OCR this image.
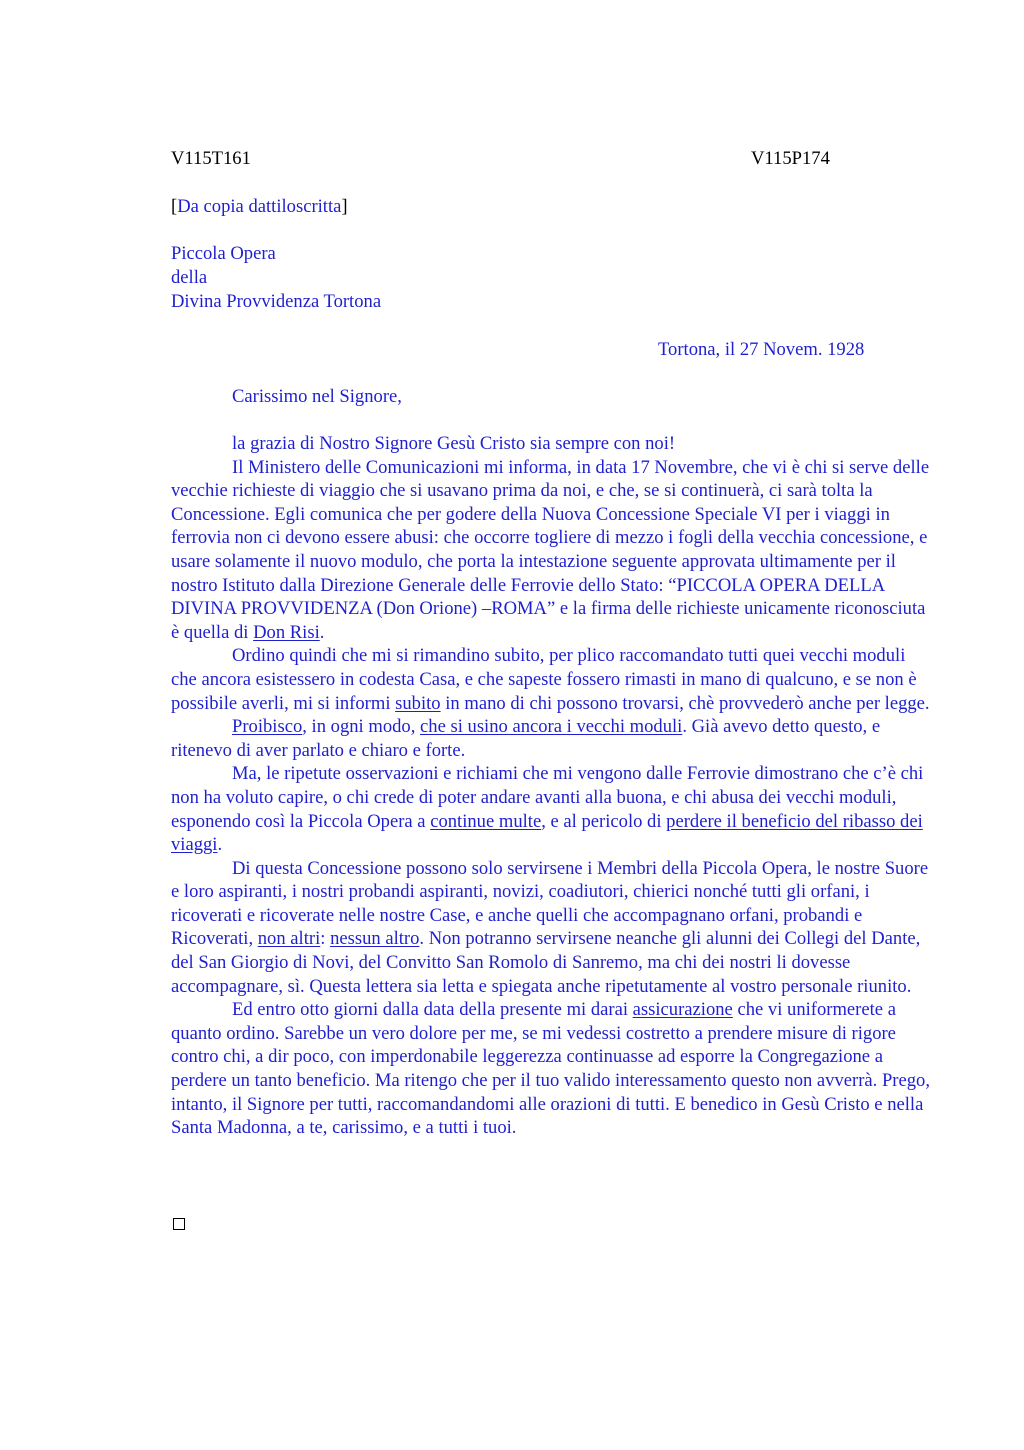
V115T161	V115P174
[Da copia dattiloscritta]
Piccola Opera
della
Divina Provvidenza Tortona
Tortona, il 27 Novem. 1928
Carissimo nel Signore,

la grazia di Nostro Signore Gesù Cristo sia sempre con noi!

Il Ministero delle Comunicazioni mi informa, in data 17 Novembre, che vi è chi si serve delle vecchie richieste di viaggio che si usavano prima da noi, e che, se si continuerà, ci sarà tolta la Concessione. Egli comunica che per godere della Nuova Concessione Speciale VI per i viaggi in ferrovia non ci devono essere abusi: che occorre togliere di mezzo i fogli della vecchia concessione, e usare solamente il nuovo modulo, che porta la intestazione seguente approvata ultimamente per il nostro Istituto dalla Direzione Generale delle Ferrovie dello Stato: “PICCOLA OPERA DELLA DIVINA PROVVIDENZA (Don Orione) –ROMA” e la firma delle richieste unicamente riconosciuta è quella di Don Risi.

Ordino quindi che mi si rimandino subito, per plico raccomandato tutti quei vecchi moduli che ancora esistessero in codesta Casa, e che sapeste fossero rimasti in mano di qualcuno, e se non è possibile averli, mi si informi subito in mano di chi possono trovarsi, chè provvederò anche per legge.

Proibisco, in ogni modo, che si usino ancora i vecchi moduli. Già avevo detto questo, e ritenevo di aver parlato e chiaro e forte.

Ma, le ripetute osservazioni e richiami che mi vengono dalle Ferrovie dimostrano che c’è chi non ha voluto capire, o chi crede di poter andare avanti alla buona, e chi abusa dei vecchi moduli, esponendo così la Piccola Opera a continue multe, e al pericolo di perdere il beneficio del ribasso dei viaggi.

Di questa Concessione possono solo servirsene i Membri della Piccola Opera, le nostre Suore e loro aspiranti, i nostri probandi aspiranti, novizi, coadiutori, chierici nonché tutti gli orfani, i ricoverati e ricoverate nelle nostre Case, e anche quelli che accompagnano orfani, probandi e Ricoverati, non altri: nessun altro. Non potranno servirsene neanche gli alunni dei Collegi del Dante, del San Giorgio di Novi, del Convitto San Romolo di Sanremo, ma chi dei nostri li dovesse accompagnare, sì. Questa lettera sia letta e spiegata anche ripetutamente al vostro personale riunito.

Ed entro otto giorni dalla data della presente mi darai assicurazione che vi uniformerete a quanto ordino. Sarebbe un vero dolore per me, se mi vedessi costretto a prendere misure di rigore contro chi, a dir poco, con imperdonabile leggerezza continuasse ad esporre la Congregazione a perdere un tanto beneficio. Ma ritengo che per il tuo valido interessamento questo non avverrà. Prego, intanto, il Signore per tutti, raccomandandomi alle orazioni di tutti. E benedico in Gesù Cristo e nella Santa Madonna, a te, carissimo, e a tutti i tuoi.
